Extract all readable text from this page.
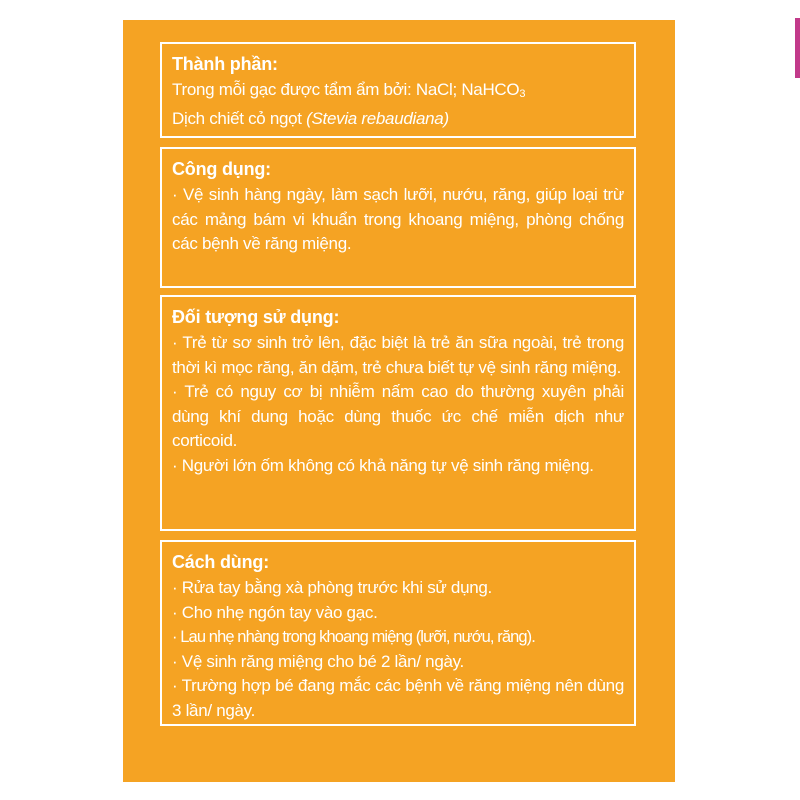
Thành phần:

Trong mỗi gạc được tẩm ẩm bởi: NaCl; NaHCO$_3$

Dịch chiết cỏ ngọt (Stevia rebaudiana)

Công dụng:

· Vệ sinh hàng ngày, làm sạch lưỡi, nướu, răng, giúp loại trừ các mảng bám vi khuẩn trong khoang miệng, phòng chống các bệnh về răng miệng.

Đối tượng sử dụng:

· Trẻ từ sơ sinh trở lên, đặc biệt là trẻ ăn sữa ngoài, trẻ trong thời kì mọc răng, ăn dặm, trẻ chưa biết tự vệ sinh răng miệng.

· Trẻ có nguy cơ bị nhiễm nấm cao do thường xuyên phải dùng khí dung hoặc dùng thuốc ức chế miễn dịch như corticoid.

· Người lớn ốm không có khả năng tự vệ sinh răng miệng.

Cách dùng:

· Rửa tay bằng xà phòng trước khi sử dụng.

· Cho nhẹ ngón tay vào gạc.

· Lau nhẹ nhàng trong khoang miệng (lưỡi, nướu, răng).

· Vệ sinh răng miệng cho bé 2 lần/ ngày.

· Trường hợp bé đang mắc các bệnh về răng miệng nên dùng 3 lần/ ngày.
